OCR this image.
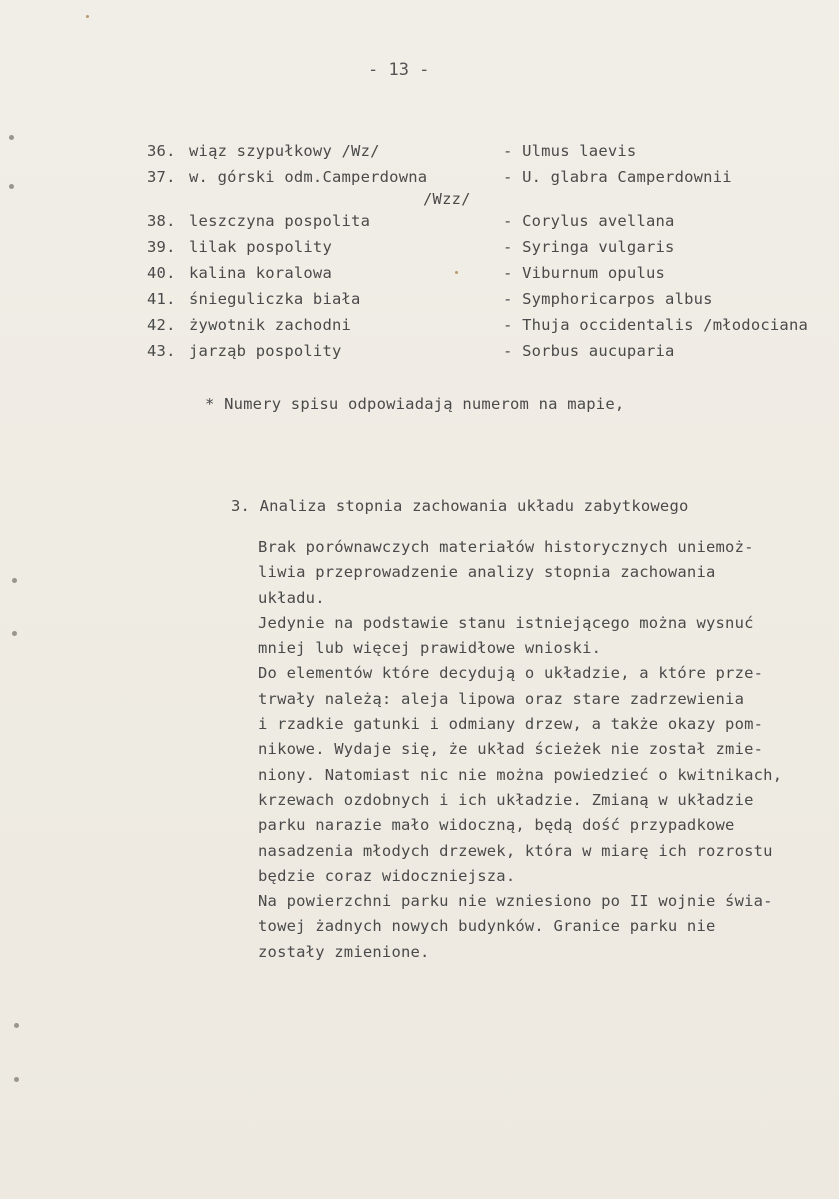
- 13 -
36. wiąz szypułkowy /Wz/	- Ulmus laevis
37. w. górski odm.Camperdowna	- U. glabra Camperdownii
/Wzz/
38. leszczyna pospolita	- Corylus avellana
39. lilak pospolity	- Syringa vulgaris
40. kalina koralowa	- Viburnum opulus
41. śnieguliczka biała	- Symphoricarpos albus
42. żywotnik zachodni	- Thuja occidentalis /młodociana
43. jarząb pospolity	- Sorbus aucuparia
* Numery spisu odpowiadają numerom na mapie,
3. Analiza stopnia zachowania układu zabytkowego
Brak porównawczych materiałów historycznych uniemoż-
liwia przeprowadzenie analizy stopnia zachowania
układu.
Jedynie na podstawie stanu istniejącego można wysnuć
mniej lub więcej prawidłowe wnioski.
Do elementów które decydują o układzie, a które prze-
trwały należą: aleja lipowa oraz stare zadrzewienia
i rzadkie gatunki i odmiany drzew, a także okazy pom-
nikowe. Wydaje się, że układ ścieżek nie został zmie-
niony. Natomiast nic nie można powiedzieć o kwitnikach,
krzewach ozdobnych i ich układzie. Zmianą w układzie
parku narazie mało widoczną, będą dość przypadkowe
nasadzenia młodych drzewek, która w miarę ich rozrostu
będzie coraz widoczniejsza.
Na powierzchni parku nie wzniesiono po II wojnie świa-
towej żadnych nowych budynków. Granice parku nie
zostały zmienione.
